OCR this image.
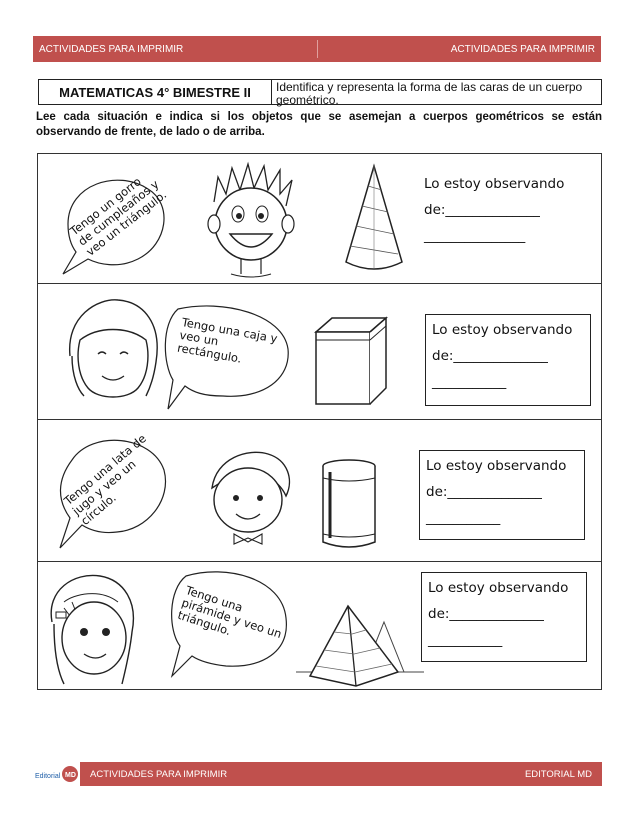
ACTIVIDADES PARA IMPRIMIR	ACTIVIDADES PARA IMPRIMIR
MATEMATICAS 4° BIMESTRE II	Identifica y representa la forma de las caras de un cuerpo geométrico.
Lee cada situación e indica si los objetos que se asemejan a cuerpos geométricos se están observando de frente, de lado o de arriba.
Tengo un gorro
de cumpleaños y
veo un triángulo.
Lo estoy observando
de:______________
_______________
Tengo una caja y
veo un
rectángulo.
Lo estoy observando
de:______________
___________
Tengo una lata de
jugo y veo un
círculo.
Lo estoy observando
de:______________
___________
Tengo una
pirámide y veo un
triángulo.
Lo estoy observando
de:______________
___________
Editorial MD ACTIVIDADES PARA IMPRIMIR	EDITORIAL MD
